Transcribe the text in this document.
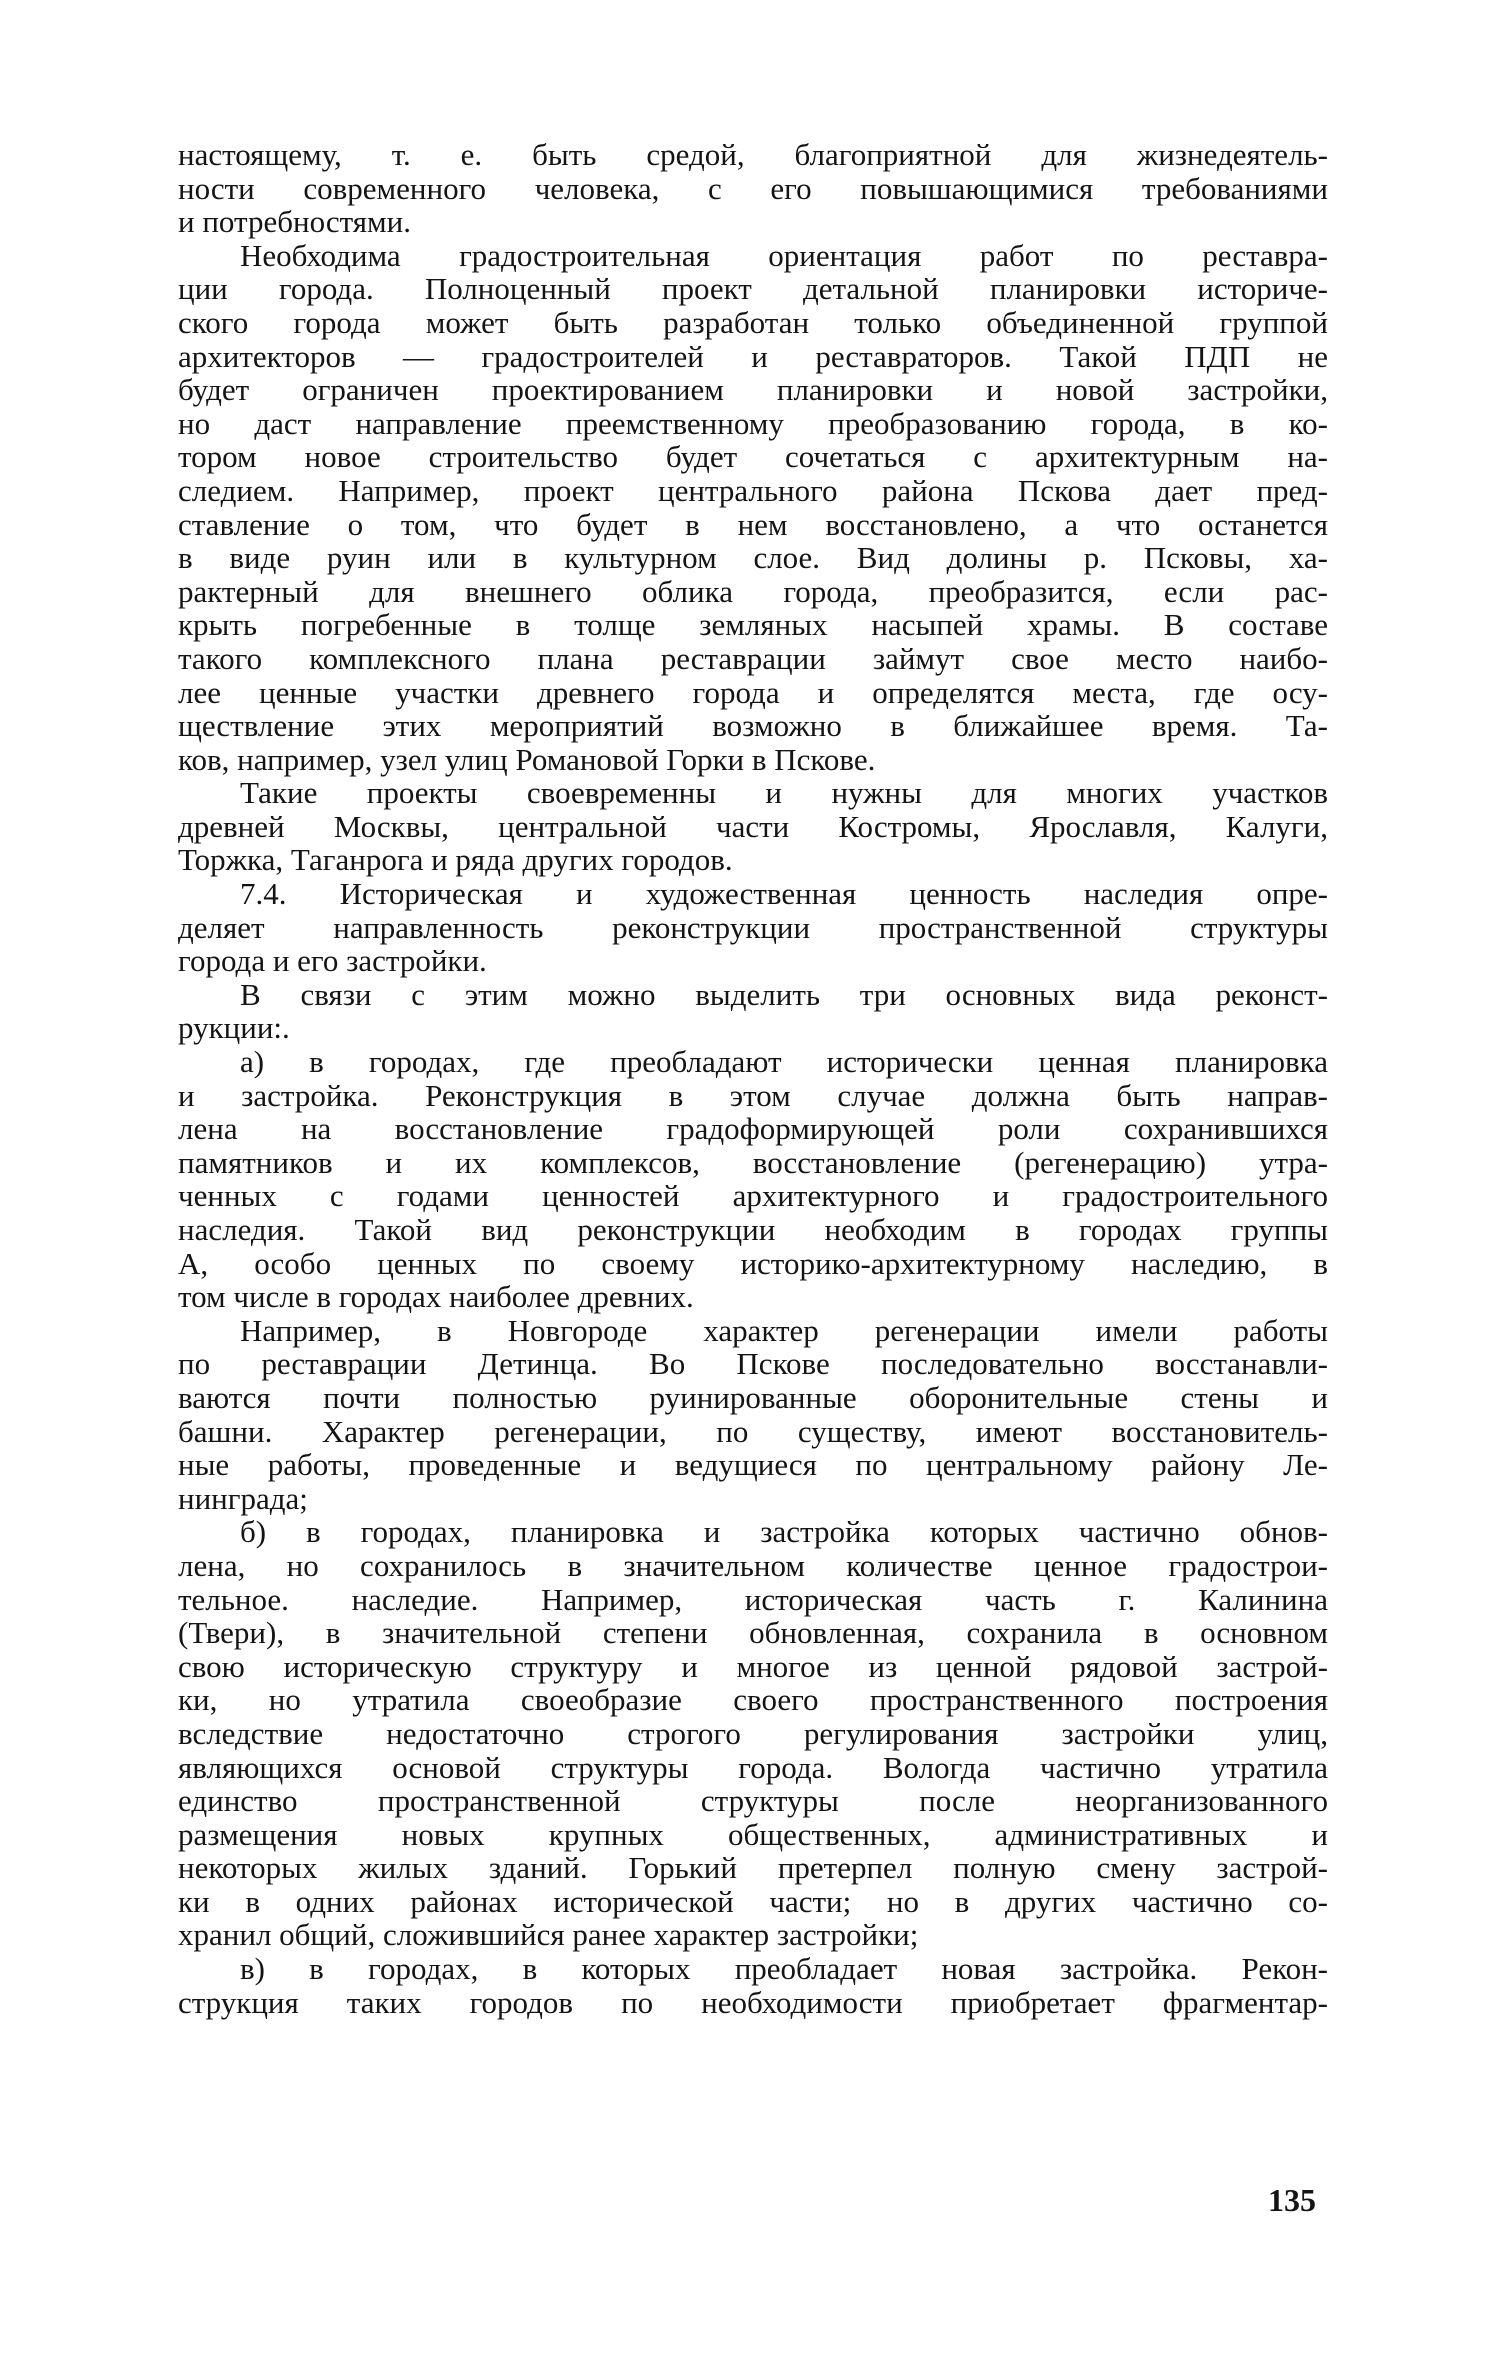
настоящему, т. е. быть средой, благоприятной для жизнедеятель-
ности современного человека, с его повышающимися требованиями
и потребностями.
Необходима градостроительная ориентация работ по реставра-
ции города. Полноценный проект детальной планировки историче-
ского города может быть разработан только объединенной группой
архитекторов — градостроителей и реставраторов. Такой ПДП не
будет ограничен проектированием планировки и новой застройки,
но даст направление преемственному преобразованию города, в ко-
тором новое строительство будет сочетаться с архитектурным на-
следием. Например, проект центрального района Пскова дает пред-
ставление о том, что будет в нем восстановлено, а что останется
в виде руин или в культурном слое. Вид долины р. Псковы, ха-
рактерный для внешнего облика города, преобразится, если рас-
крыть погребенные в толще земляных насыпей храмы. В составе
такого комплексного плана реставрации займут свое место наибо-
лее ценные участки древнего города и определятся места, где осу-
ществление этих мероприятий возможно в ближайшее время. Та-
ков, например, узел улиц Романовой Горки в Пскове.
Такие проекты своевременны и нужны для многих участков
древней Москвы, центральной части Костромы, Ярославля, Калуги,
Торжка, Таганрога и ряда других городов.
7.4. Историческая и художественная ценность наследия опре-
деляет направленность реконструкции пространственной структуры
города и его застройки.
В связи с этим можно выделить три основных вида реконст-
рукции:.
а) в городах, где преобладают исторически ценная планировка
и застройка. Реконструкция в этом случае должна быть направ-
лена на восстановление градоформирующей роли сохранившихся
памятников и их комплексов, восстановление (регенерацию) утра-
ченных с годами ценностей архитектурного и градостроительного
наследия. Такой вид реконструкции необходим в городах группы
А, особо ценных по своему историко-архитектурному наследию, в
том числе в городах наиболее древних.
Например, в Новгороде характер регенерации имели работы
по реставрации Детинца. Во Пскове последовательно восстанавли-
ваются почти полностью руинированные оборонительные стены и
башни. Характер регенерации, по существу, имеют восстановитель-
ные работы, проведенные и ведущиеся по центральному району Ле-
нинграда;
б) в городах, планировка и застройка которых частично обнов-
лена, но сохранилось в значительном количестве ценное градострои-
тельное. наследие. Например, историческая часть г. Калинина
(Твери), в значительной степени обновленная, сохранила в основном
свою историческую структуру и многое из ценной рядовой застрой-
ки, но утратила своеобразие своего пространственного построения
вследствие недостаточно строгого регулирования застройки улиц,
являющихся основой структуры города. Вологда частично утратила
единство пространственной структуры после неорганизованного
размещения новых крупных общественных, административных и
некоторых жилых зданий. Горький претерпел полную смену застрой-
ки в одних районах исторической части; но в других частично со-
хранил общий, сложившийся ранее характер застройки;
в) в городах, в которых преобладает новая застройка. Рекон-
струкция таких городов по необходимости приобретает фрагментар-
135
